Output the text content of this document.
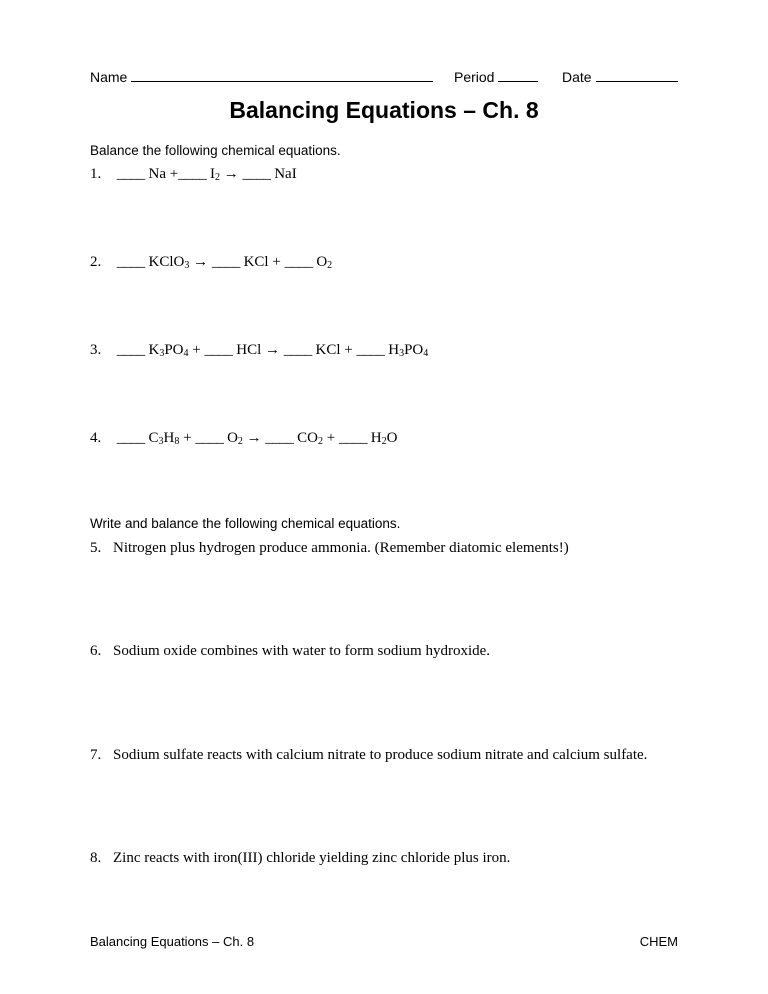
Name	Period	Date
Balancing Equations – Ch. 8
Balance the following chemical equations.
1. ____ Na +____ $I_2$ → ____ NaI
2. ____ KClO$_3$ → ____ KCl + ____ $O_2$
3. ____ $K_3PO_4$ + ____ HCl → ____ KCl + ____ $H_3PO_4$
4. ____ $C_3H_8$ + ____ $O_2$ → ____ $CO_2$ + ____ $H_2O$
Write and balance the following chemical equations.
5. Nitrogen plus hydrogen produce ammonia. (Remember diatomic elements!)
6. Sodium oxide combines with water to form sodium hydroxide.
7. Sodium sulfate reacts with calcium nitrate to produce sodium nitrate and calcium sulfate.
8. Zinc reacts with iron(III) chloride yielding zinc chloride plus iron.
Balancing Equations – Ch. 8	CHEM
